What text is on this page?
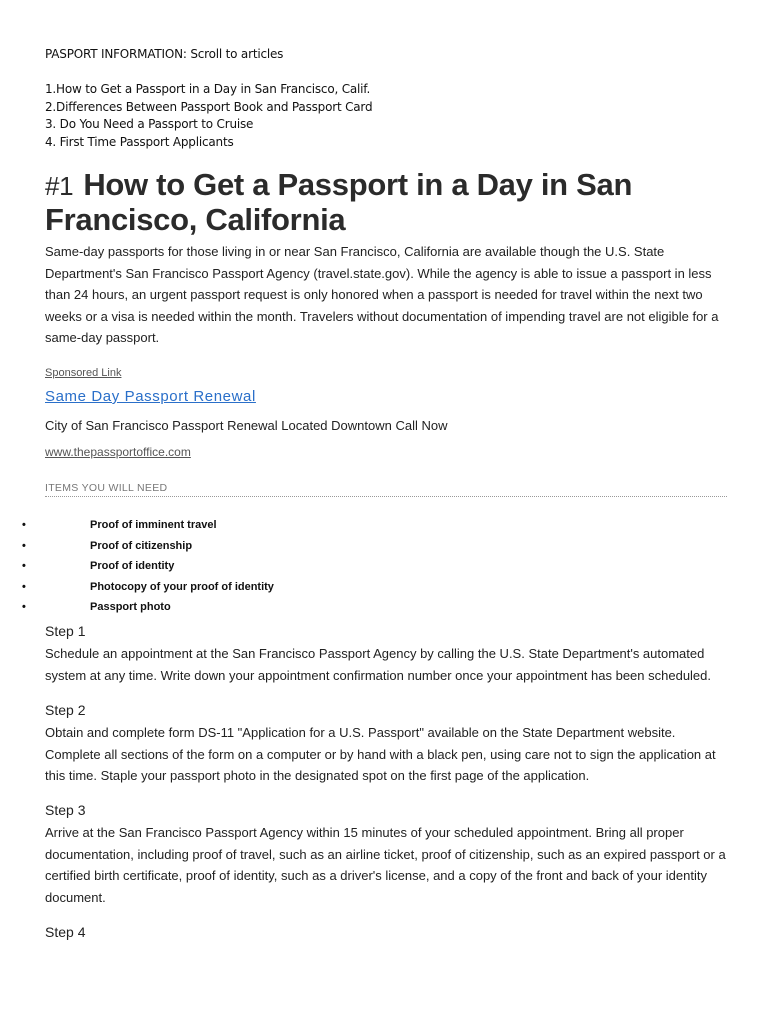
PASPORT INFORMATION: Scroll to articles
1.How to Get a Passport in a Day in San Francisco, Calif.
2.Differences Between Passport Book and Passport Card
3. Do You Need a Passport to Cruise
4. First Time Passport Applicants
#1 How to Get a Passport in a Day in San Francisco, California

Same-day passports for those living in or near San Francisco, California are available though the U.S. State Department's San Francisco Passport Agency (travel.state.gov). While the agency is able to issue a passport in less than 24 hours, an urgent passport request is only honored when a passport is needed for travel within the next two weeks or a visa is needed within the month. Travelers without documentation of impending travel are not eligible for a same-day passport.

Sponsored Link
Same Day Passport Renewal
City of San Francisco Passport Renewal Located Downtown Call Now
www.thepassportoffice.com
ITEMS YOU WILL NEED
•	Proof of imminent travel
•	Proof of citizenship
•	Proof of identity
•	Photocopy of your proof of identity
•	Passport photo
Step 1

Schedule an appointment at the San Francisco Passport Agency by calling the U.S. State Department's automated system at any time. Write down your appointment confirmation number once your appointment has been scheduled.

Step 2

Obtain and complete form DS-11 "Application for a U.S. Passport" available on the State Department website. Complete all sections of the form on a computer or by hand with a black pen, using care not to sign the application at this time. Staple your passport photo in the designated spot on the first page of the application.

Step 3

Arrive at the San Francisco Passport Agency within 15 minutes of your scheduled appointment. Bring all proper documentation, including proof of travel, such as an airline ticket, proof of citizenship, such as an expired passport or a certified birth certificate, proof of identity, such as a driver's license, and a copy of the front and back of your identity document.

Step 4
